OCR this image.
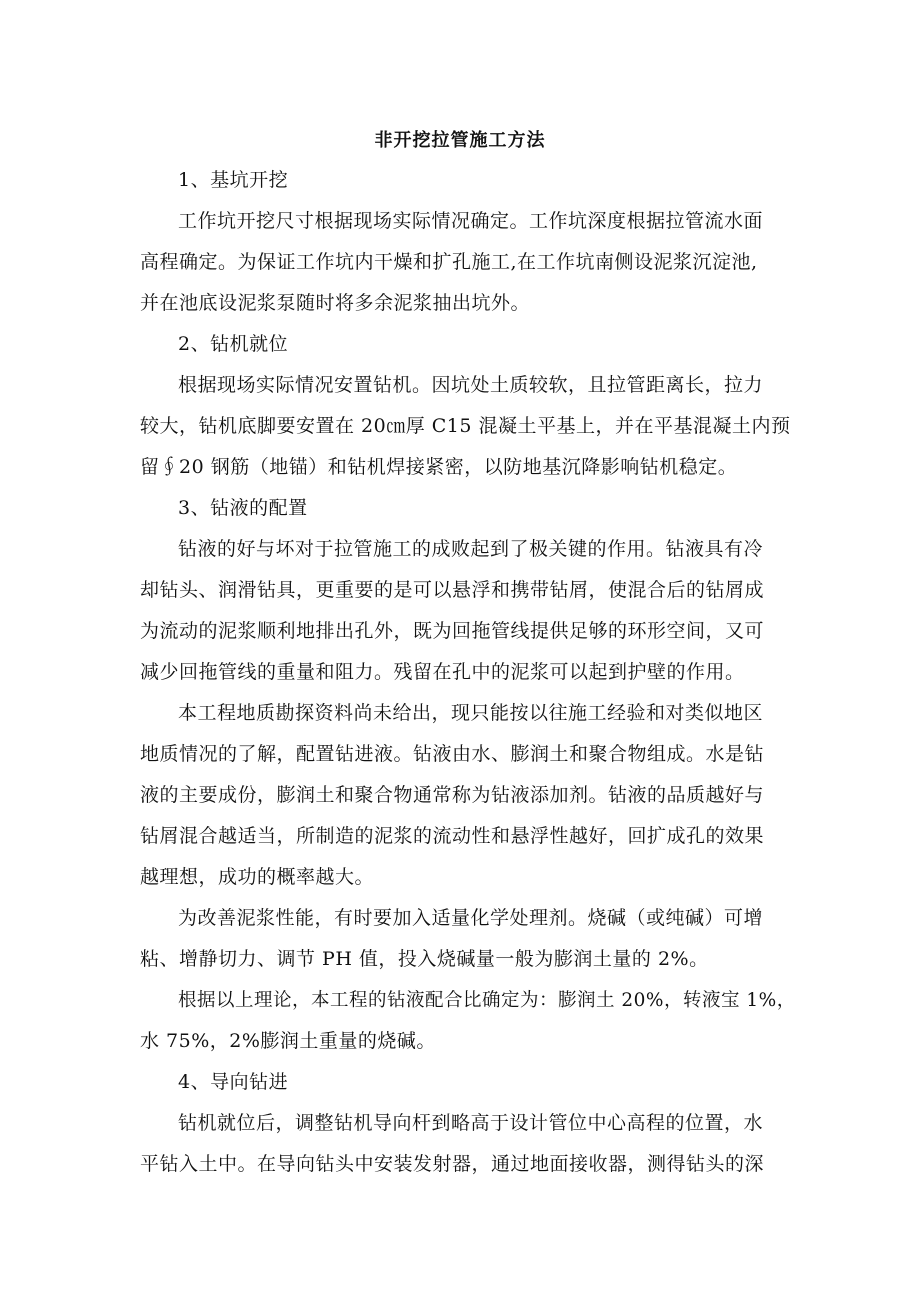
非开挖拉管施工方法
1、基坑开挖
工作坑开挖尺寸根据现场实际情况确定。工作坑深度根据拉管流水面
高程确定。为保证工作坑内干燥和扩孔施工,在工作坑南侧设泥浆沉淀池,
并在池底设泥浆泵随时将多余泥浆抽出坑外。
2、钻机就位
根据现场实际情况安置钻机。因坑处土质较软，且拉管距离长，拉力
较大，钻机底脚要安置在 20㎝厚 C15 混凝土平基上，并在平基混凝土内预
留∮20 钢筋（地锚）和钻机焊接紧密，以防地基沉降影响钻机稳定。
3、钻液的配置
钻液的好与坏对于拉管施工的成败起到了极关键的作用。钻液具有冷
却钻头、润滑钻具，更重要的是可以悬浮和携带钻屑，使混合后的钻屑成
为流动的泥浆顺利地排出孔外，既为回拖管线提供足够的环形空间，又可
减少回拖管线的重量和阻力。残留在孔中的泥浆可以起到护壁的作用。
本工程地质勘探资料尚未给出，现只能按以往施工经验和对类似地区
地质情况的了解，配置钻进液。钻液由水、膨润土和聚合物组成。水是钻
液的主要成份，膨润土和聚合物通常称为钻液添加剂。钻液的品质越好与
钻屑混合越适当，所制造的泥浆的流动性和悬浮性越好，回扩成孔的效果
越理想，成功的概率越大。
为改善泥浆性能，有时要加入适量化学处理剂。烧碱（或纯碱）可增
粘、增静切力、调节 PH 值，投入烧碱量一般为膨润土量的 2%。
根据以上理论，本工程的钻液配合比确定为：膨润土 20%，转液宝 1%，
水 75%，2%膨润土重量的烧碱。
4、导向钻进
钻机就位后，调整钻机导向杆到略高于设计管位中心高程的位置，水
平钻入土中。在导向钻头中安装发射器，通过地面接收器，测得钻头的深
